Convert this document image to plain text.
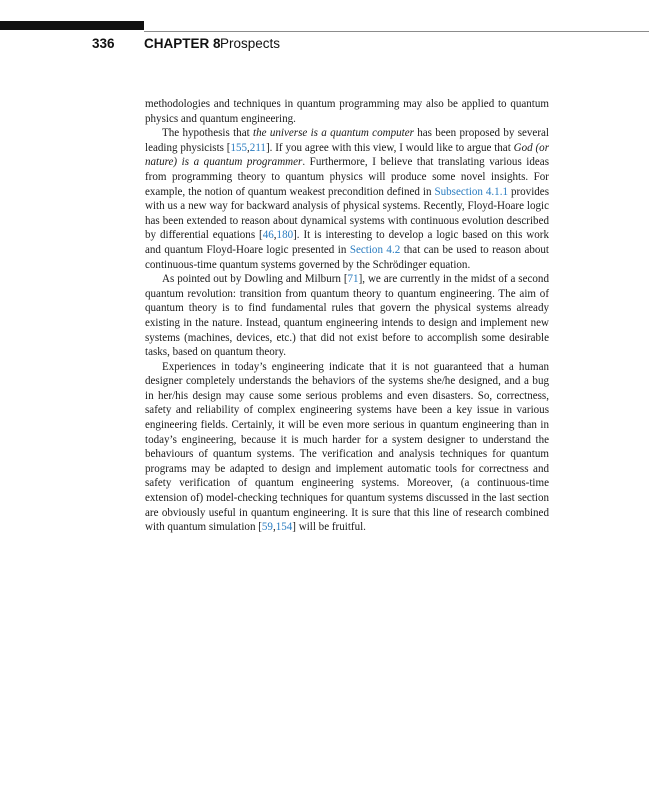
336 CHAPTER 8 Prospects

methodologies and techniques in quantum programming may also be applied to quantum physics and quantum engineering.

The hypothesis that the universe is a quantum computer has been proposed by several leading physicists [155,211]. If you agree with this view, I would like to argue that God (or nature) is a quantum programmer. Furthermore, I believe that translating various ideas from programming theory to quantum physics will produce some novel insights. For example, the notion of quantum weakest precondition defined in Subsection 4.1.1 provides with us a new way for backward analysis of physical systems. Recently, Floyd-Hoare logic has been extended to reason about dynamical systems with continuous evolution described by differential equations [46,180]. It is interesting to develop a logic based on this work and quantum Floyd-Hoare logic presented in Section 4.2 that can be used to reason about continuous-time quantum systems governed by the Schrödinger equation.

As pointed out by Dowling and Milburn [71], we are currently in the midst of a second quantum revolution: transition from quantum theory to quantum engineering. The aim of quantum theory is to find fundamental rules that govern the physical systems already existing in the nature. Instead, quantum engineering intends to design and implement new systems (machines, devices, etc.) that did not exist before to accomplish some desirable tasks, based on quantum theory.

Experiences in today’s engineering indicate that it is not guaranteed that a human designer completely understands the behaviors of the systems she/he designed, and a bug in her/his design may cause some serious problems and even disasters. So, correctness, safety and reliability of complex engineering systems have been a key issue in various engineering fields. Certainly, it will be even more serious in quantum engineering than in today’s engineering, because it is much harder for a system designer to understand the behaviours of quantum systems. The verification and analysis techniques for quantum programs may be adapted to design and implement automatic tools for correctness and safety verification of quantum engineering systems. Moreover, (a continuous-time extension of) model-checking techniques for quantum systems discussed in the last section are obviously useful in quantum engineering. It is sure that this line of research combined with quantum simulation [59,154] will be fruitful.
